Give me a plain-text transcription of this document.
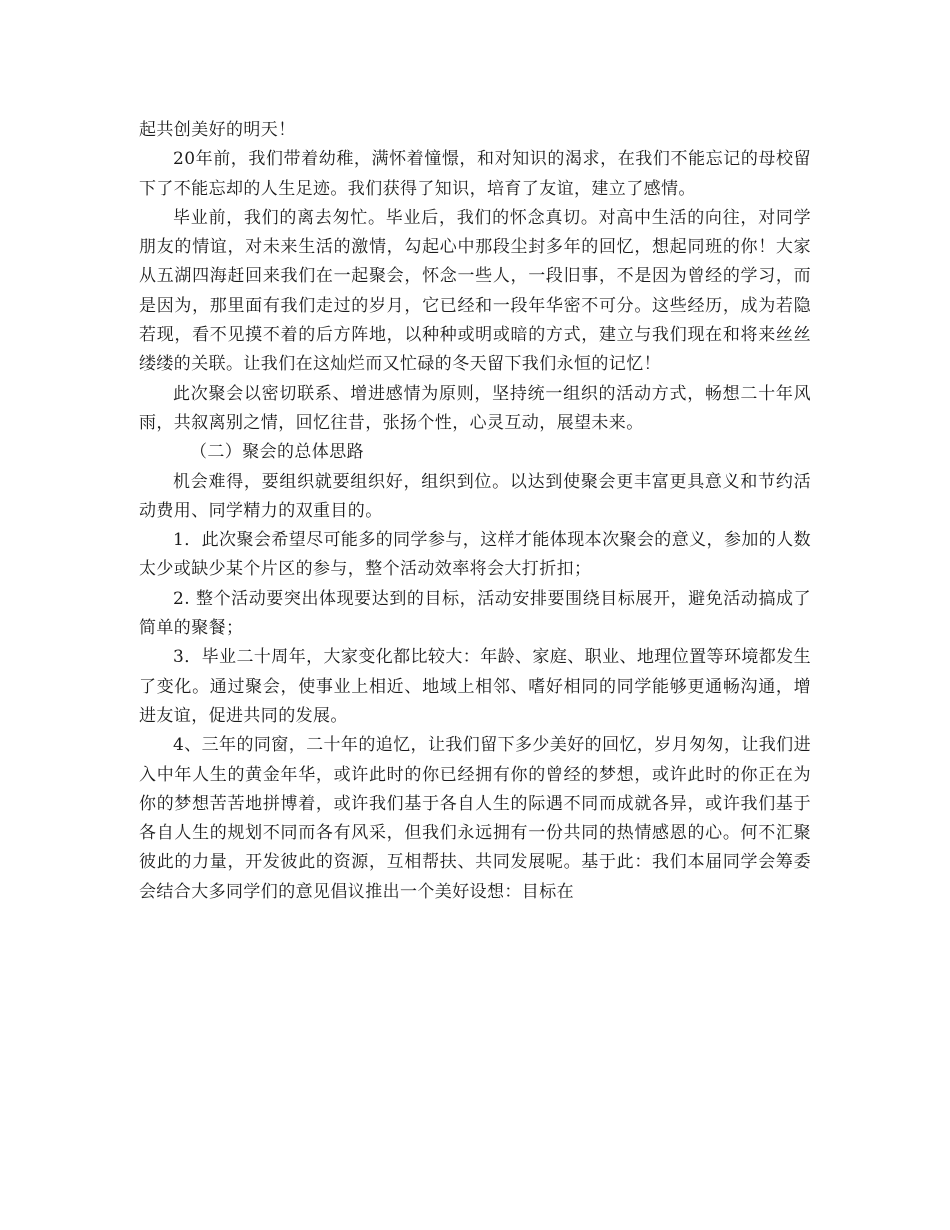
起共创美好的明天！

20年前，我们带着幼稚，满怀着憧憬，和对知识的渴求，在我们不能忘记的母校留下了不能忘却的人生足迹。我们获得了知识，培育了友谊，建立了感情。

毕业前，我们的离去匆忙。毕业后，我们的怀念真切。对高中生活的向往，对同学朋友的情谊，对未来生活的激情，勾起心中那段尘封多年的回忆，想起同班的你！大家从五湖四海赶回来我们在一起聚会，怀念一些人，一段旧事，不是因为曾经的学习，而是因为，那里面有我们走过的岁月，它已经和一段年华密不可分。这些经历，成为若隐若现，看不见摸不着的后方阵地，以种种或明或暗的方式，建立与我们现在和将来丝丝缕缕的关联。让我们在这灿烂而又忙碌的冬天留下我们永恒的记忆！

此次聚会以密切联系、增进感情为原则，坚持统一组织的活动方式，畅想二十年风雨，共叙离别之情，回忆往昔，张扬个性，心灵互动，展望未来。

（二）聚会的总体思路

机会难得，要组织就要组织好，组织到位。以达到使聚会更丰富更具意义和节约活动费用、同学精力的双重目的。

1．此次聚会希望尽可能多的同学参与，这样才能体现本次聚会的意义，参加的人数太少或缺少某个片区的参与，整个活动效率将会大打折扣；

2. 整个活动要突出体现要达到的目标，活动安排要围绕目标展开，避免活动搞成了简单的聚餐；

3．毕业二十周年，大家变化都比较大：年龄、家庭、职业、地理位置等环境都发生了变化。通过聚会，使事业上相近、地域上相邻、嗜好相同的同学能够更通畅沟通，增进友谊，促进共同的发展。

4、三年的同窗，二十年的追忆，让我们留下多少美好的回忆，岁月匆匆，让我们进入中年人生的黄金年华，或许此时的你已经拥有你的曾经的梦想，或许此时的你正在为你的梦想苦苦地拼博着，或许我们基于各自人生的际遇不同而成就各异，或许我们基于各自人生的规划不同而各有风采，但我们永远拥有一份共同的热情感恩的心。何不汇聚彼此的力量，开发彼此的资源，互相帮扶、共同发展呢。基于此：我们本届同学会筹委会结合大多同学们的意见倡议推出一个美好设想：目标在
